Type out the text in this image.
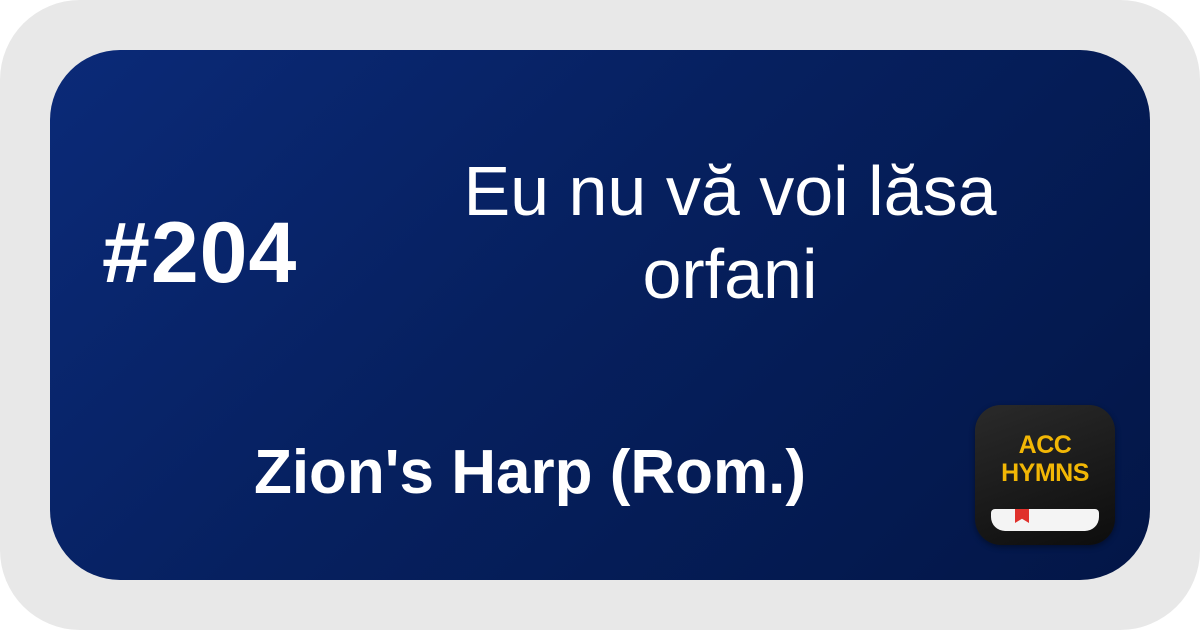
#204
Eu nu vă voi lăsa
orfani
Zion's Harp (Rom.)	ACC
HYMNS
